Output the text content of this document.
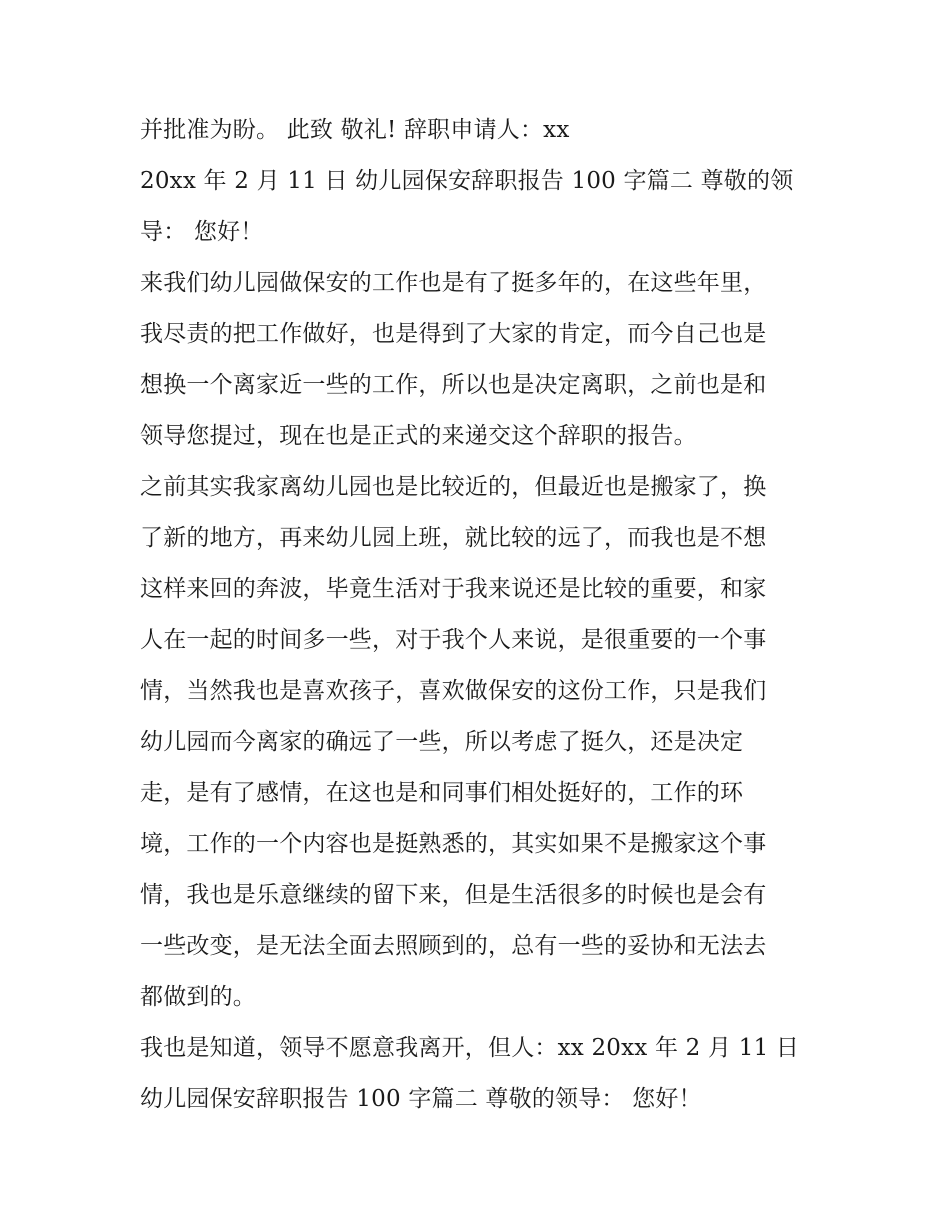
并批准为盼。 此致 敬礼! 辞职申请人：xx
20xx 年 2 月 11 日 幼儿园保安辞职报告 100 字篇二 尊敬的领
导： 您好！
来我们幼儿园做保安的工作也是有了挺多年的，在这些年里，
我尽责的把工作做好，也是得到了大家的肯定，而今自己也是
想换一个离家近一些的工作，所以也是决定离职，之前也是和
领导您提过，现在也是正式的来递交这个辞职的报告。
之前其实我家离幼儿园也是比较近的，但最近也是搬家了，换
了新的地方，再来幼儿园上班，就比较的远了，而我也是不想
这样来回的奔波，毕竟生活对于我来说还是比较的重要，和家
人在一起的时间多一些，对于我个人来说，是很重要的一个事
情，当然我也是喜欢孩子，喜欢做保安的这份工作，只是我们
幼儿园而今离家的确远了一些，所以考虑了挺久，还是决定
走，是有了感情，在这也是和同事们相处挺好的，工作的环
境，工作的一个内容也是挺熟悉的，其实如果不是搬家这个事
情，我也是乐意继续的留下来，但是生活很多的时候也是会有
一些改变，是无法全面去照顾到的，总有一些的妥协和无法去
都做到的。
我也是知道，领导不愿意我离开，但人：xx 20xx 年 2 月 11 日
幼儿园保安辞职报告 100 字篇二 尊敬的领导： 您好！
